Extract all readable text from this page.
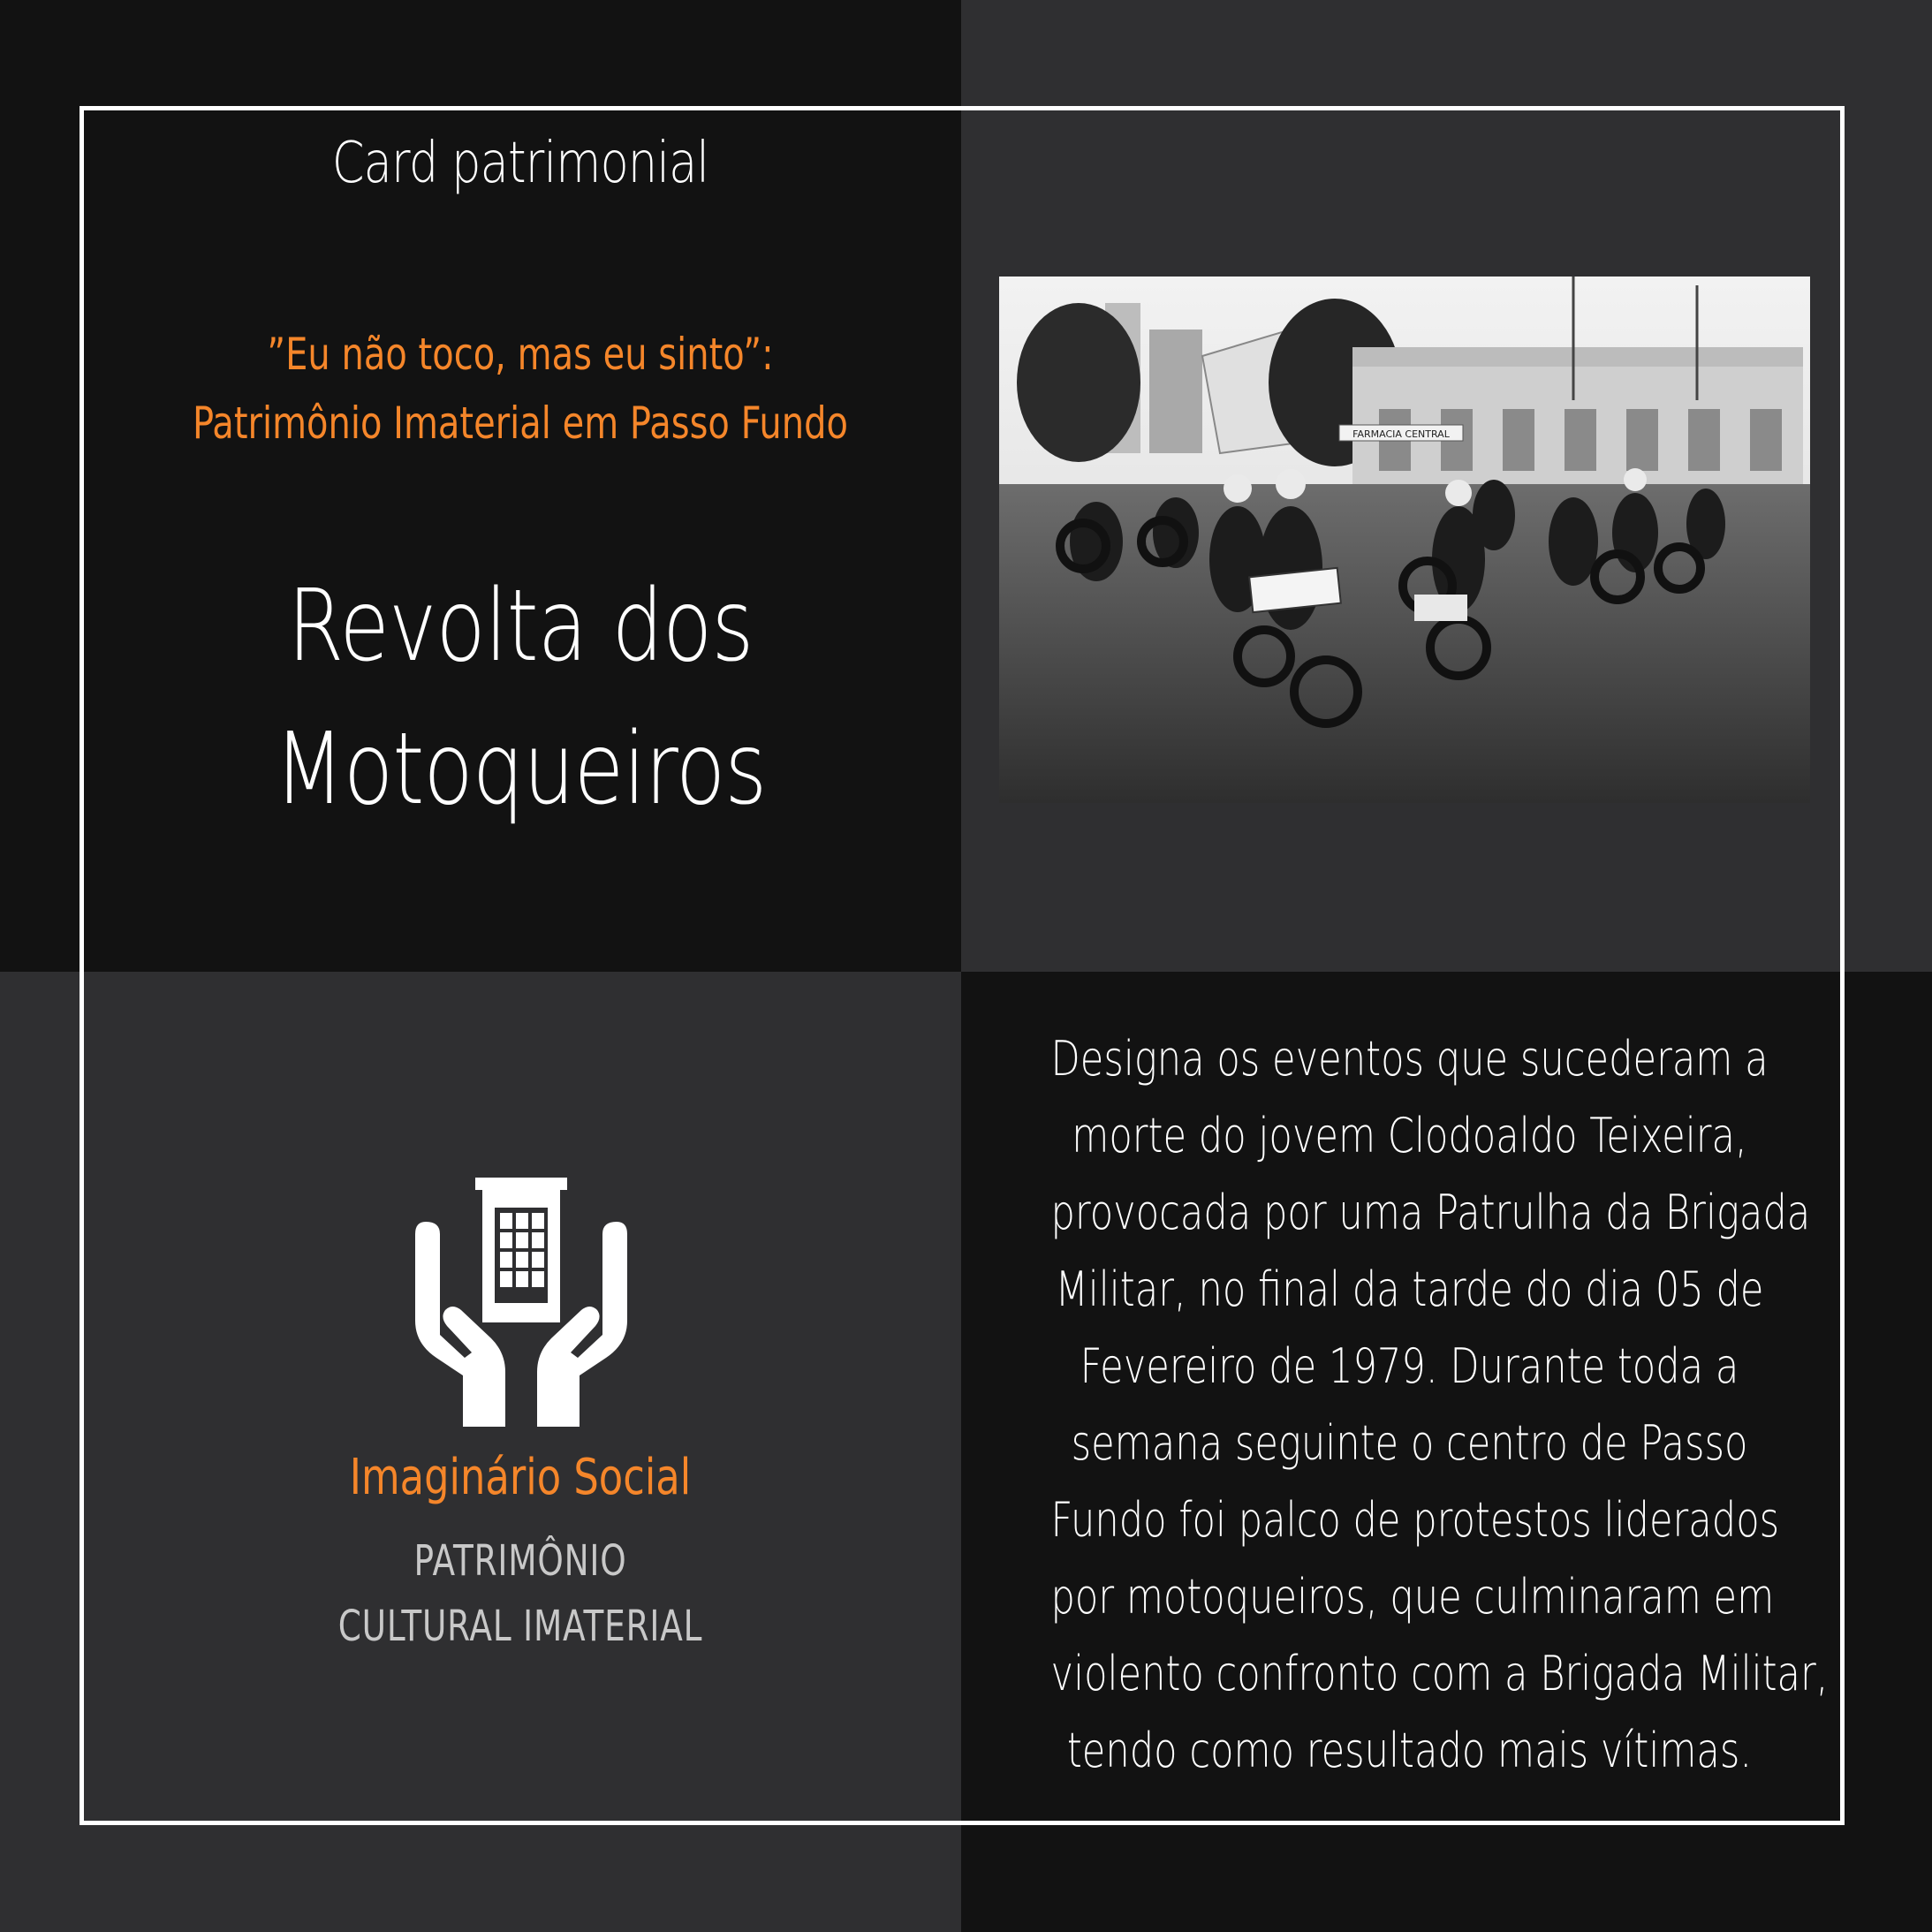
Card patrimonial
”Eu não toco, mas eu sinto”:
Patrimônio Imaterial em Passo Fundo
Revolta dos
Motoqueiros
FARMACIA CENTRAL
Imaginário Social
PATRIMÔNIO
CULTURAL IMATERIAL
Designa os eventos que sucederam a
morte do jovem Clodoaldo Teixeira,
provocada por uma Patrulha da Brigada
Militar, no final da tarde do dia 05 de
Fevereiro de 1979. Durante toda a
semana seguinte o centro de Passo
Fundo foi palco de protestos liderados
por motoqueiros, que culminaram em
violento confronto com a Brigada Militar,
tendo como resultado mais vítimas.
